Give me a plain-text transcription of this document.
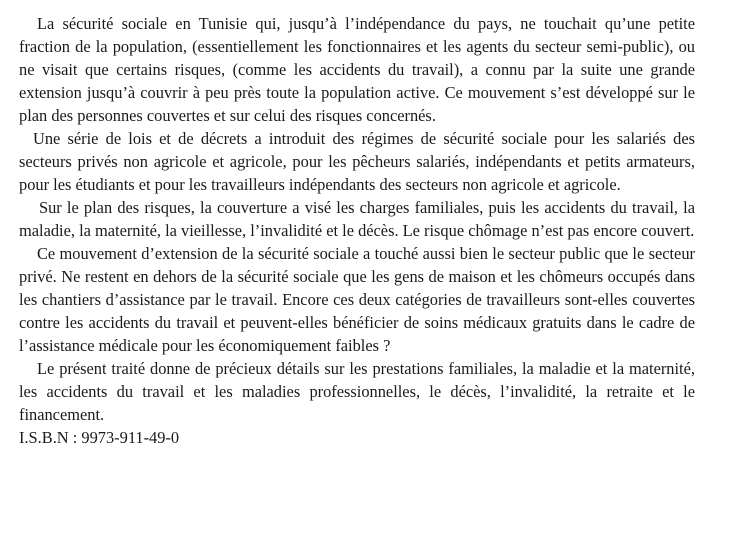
La sécurité sociale en Tunisie qui, jusqu’à l’indépendance du pays, ne touchait qu’une petite fraction de la population, (essentiellement les fonctionnaires et les agents du secteur semi-public), ou ne visait que certains risques, (comme les accidents du travail), a connu par la suite une grande extension jusqu’à couvrir à peu près toute la population active. Ce mouvement s’est développé sur le plan des personnes couvertes et sur celui des risques concernés.

Une série de lois et de décrets a introduit des régimes de sécurité sociale pour les salariés des secteurs privés non agricole et agricole, pour les pêcheurs salariés, indépendants et petits armateurs, pour les étudiants et pour les travailleurs indépendants des secteurs non agricole et agricole.

Sur le plan des risques, la couverture a visé les charges familiales, puis les accidents du travail, la maladie, la maternité, la vieillesse, l’invalidité et le décès. Le risque chômage n’est pas encore couvert.

Ce mouvement d’extension de la sécurité sociale a touché aussi bien le secteur public que le secteur privé. Ne restent en dehors de la sécurité sociale que les gens de maison et les chômeurs occupés dans les chantiers d’assistance par le travail. Encore ces deux catégories de travailleurs sont-elles couvertes contre les accidents du travail et peuvent-elles bénéficier de soins médicaux gratuits dans le cadre de l’assistance médicale pour les économiquement faibles ?

Le présent traité donne de précieux détails sur les prestations familiales, la maladie et la maternité, les accidents du travail et les maladies professionnelles, le décès, l’invalidité, la retraite et le financement.

I.S.B.N : 9973-911-49-0
